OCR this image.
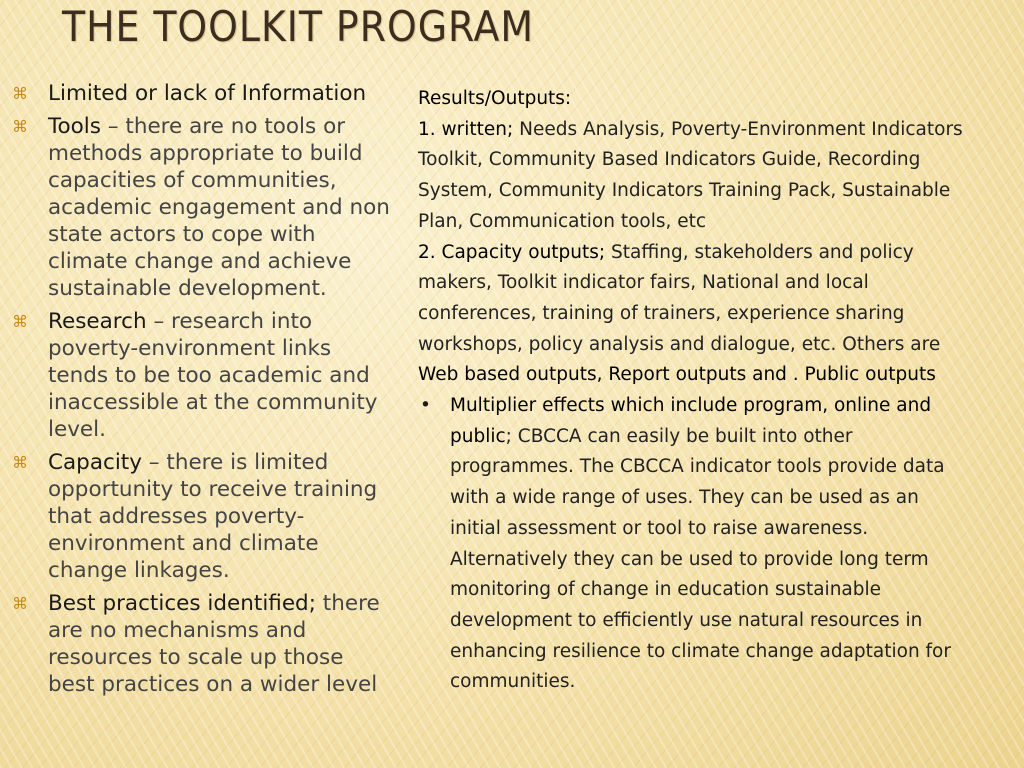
THE TOOLKIT PROGRAM
⌘ Limited or lack of Information
⌘ Tools – there are no tools or methods appropriate to build capacities of communities, academic engagement and non state actors to cope with climate change and achieve sustainable development.
⌘ Research – research into poverty-environment links tends to be too academic and inaccessible at the community level.
⌘ Capacity – there is limited opportunity to receive training that addresses poverty-environment and climate change linkages.
⌘ Best practices identified; there are no mechanisms and resources to scale up those best practices on a wider level

Results/Outputs:

1. written; Needs Analysis, Poverty-Environment Indicators Toolkit, Community Based Indicators Guide, Recording System, Community Indicators Training Pack, Sustainable Plan, Communication tools, etc

2. Capacity outputs; Staffing, stakeholders and policy makers, Toolkit indicator fairs, National and local conferences, training of trainers, experience sharing workshops, policy analysis and dialogue, etc. Others are Web based outputs, Report outputs and . Public outputs

• Multiplier effects which include program, online and public; CBCCA can easily be built into other programmes. The CBCCA indicator tools provide data with a wide range of uses. They can be used as an initial assessment or tool to raise awareness. Alternatively they can be used to provide long term monitoring of change in education sustainable development to efficiently use natural resources in enhancing resilience to climate change adaptation for communities.
